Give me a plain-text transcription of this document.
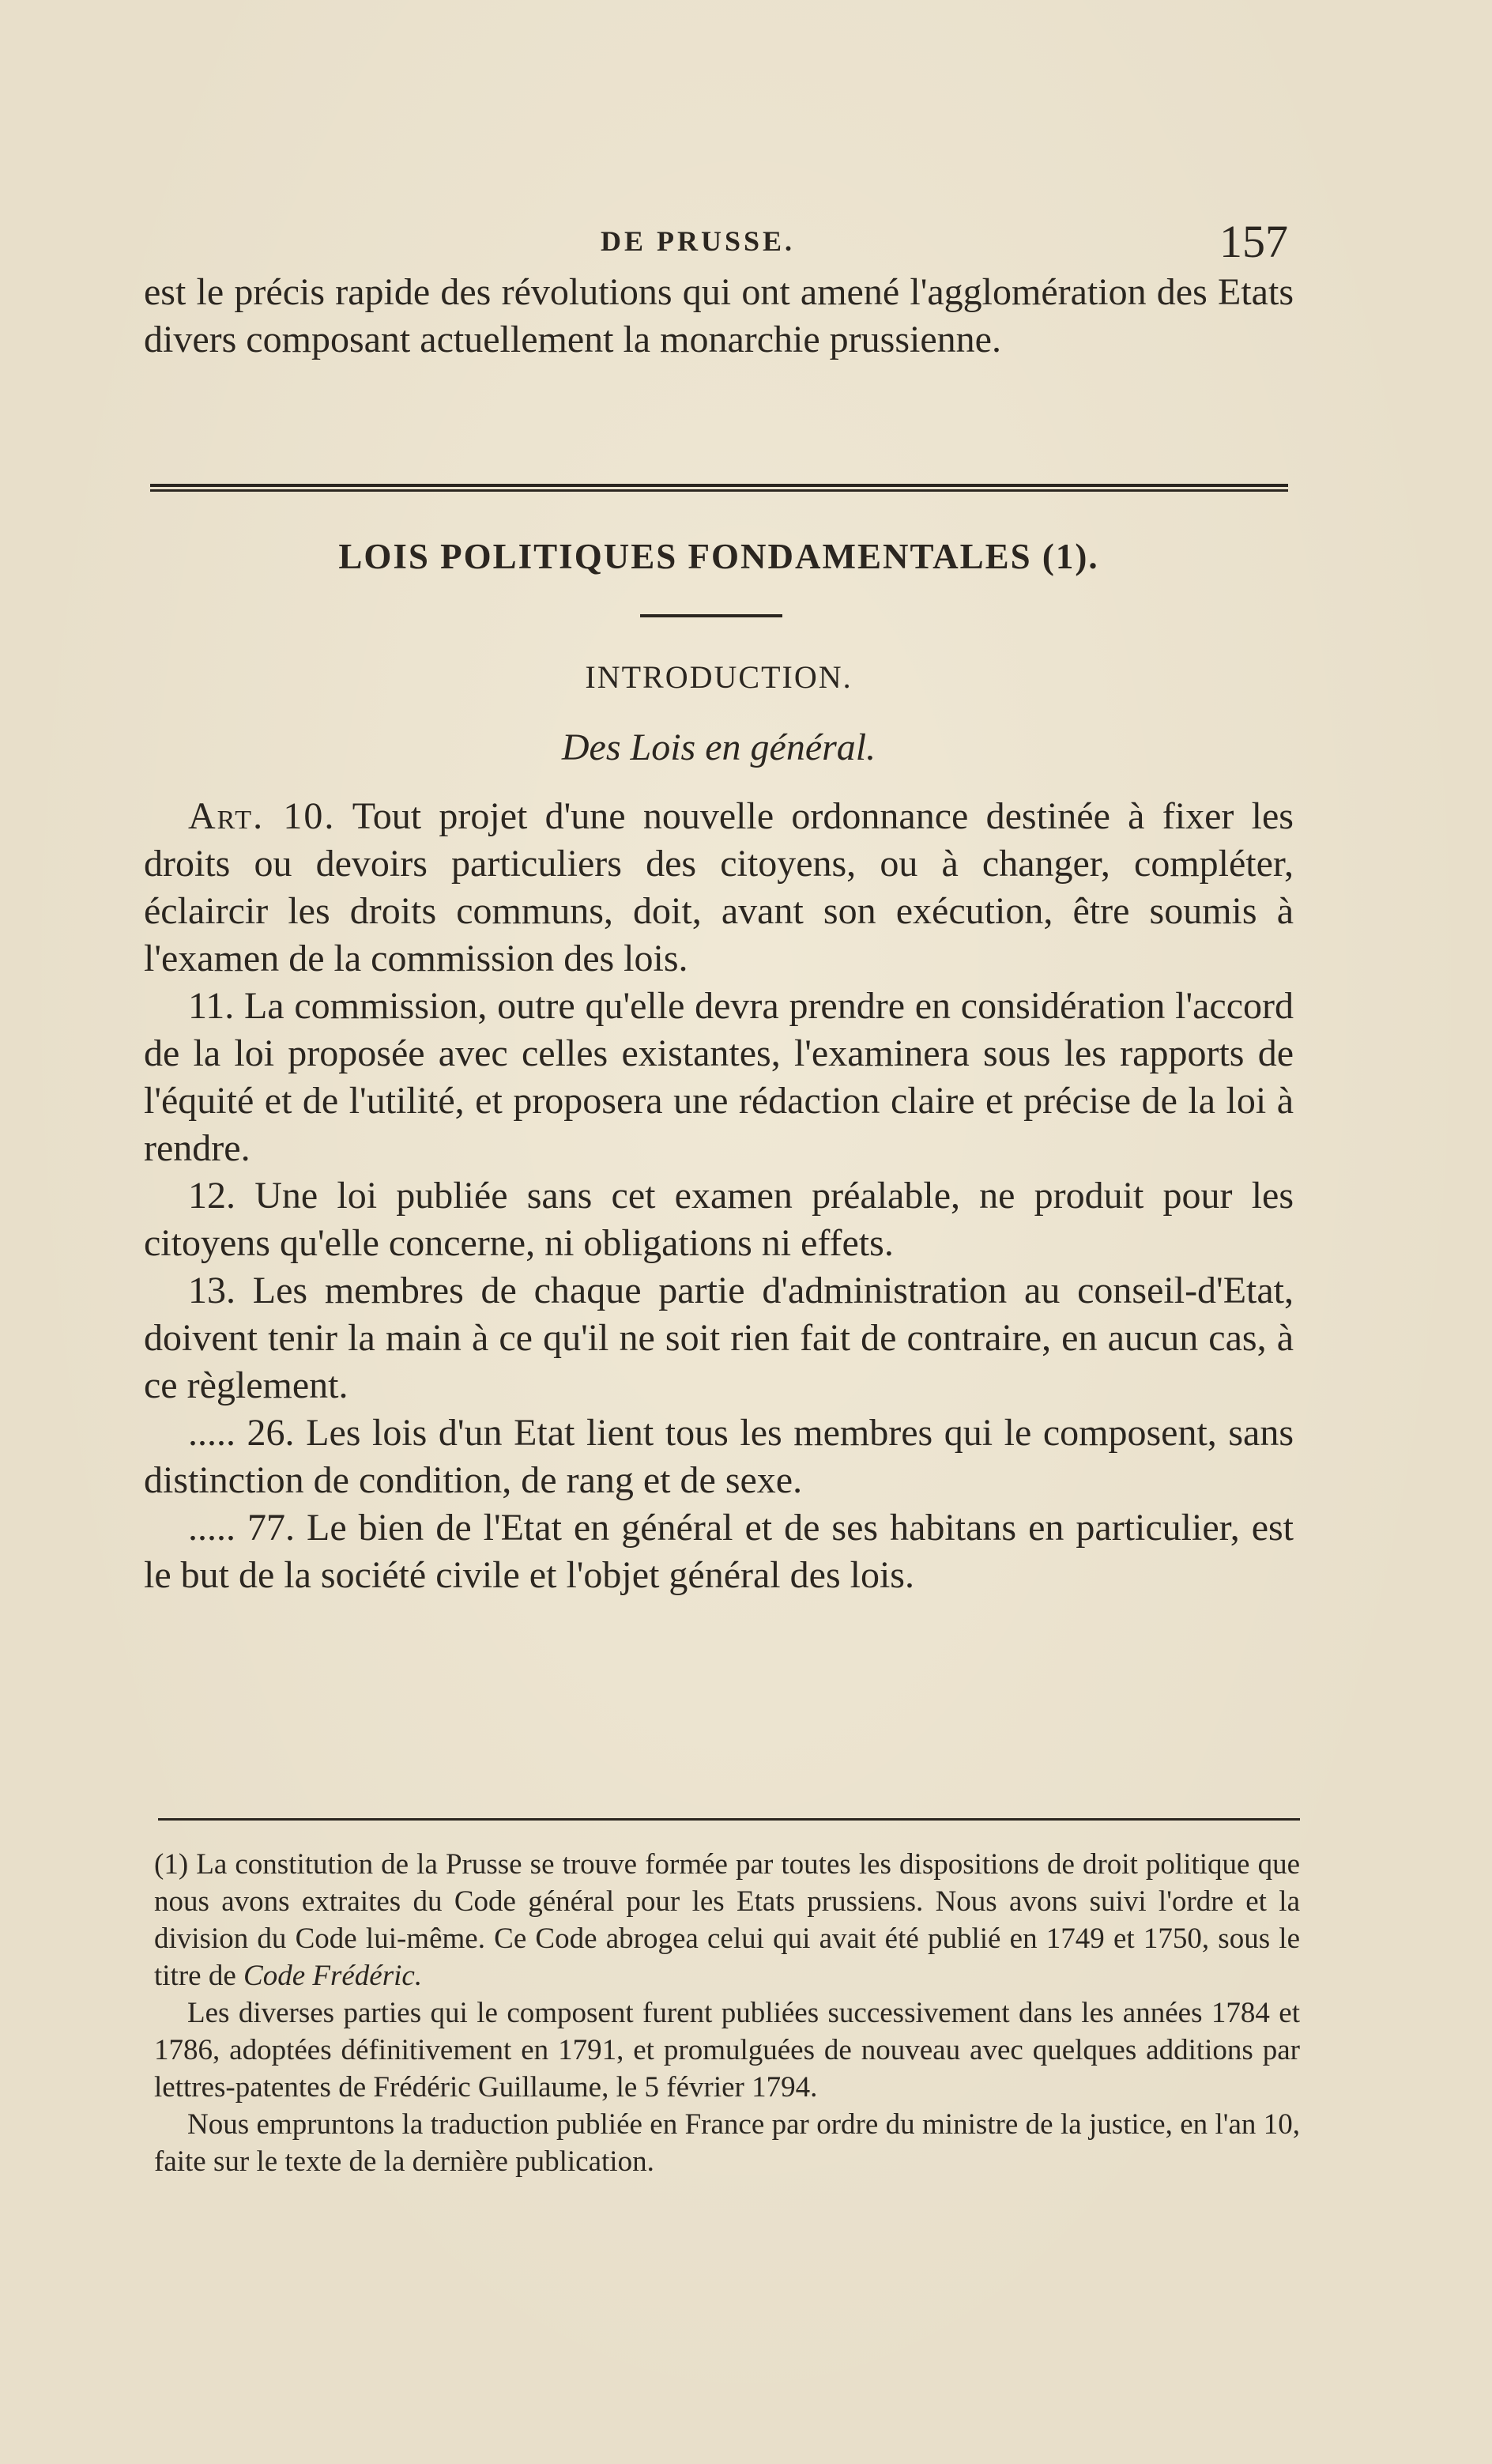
DE PRUSSE.	157

est le précis rapide des révolutions qui ont amené l'agglomération des Etats divers composant actuellement la monarchie prussienne.

LOIS POLITIQUES FONDAMENTALES (1).
INTRODUCTION.
Des Lois en général.

Art. 10. Tout projet d'une nouvelle ordonnance destinée à fixer les droits ou devoirs particuliers des citoyens, ou à changer, compléter, éclaircir les droits communs, doit, avant son exécution, être soumis à l'examen de la commission des lois.

11. La commission, outre qu'elle devra prendre en considération l'accord de la loi proposée avec celles existantes, l'examinera sous les rapports de l'équité et de l'utilité, et proposera une rédaction claire et précise de la loi à rendre.

12. Une loi publiée sans cet examen préalable, ne produit pour les citoyens qu'elle concerne, ni obligations ni effets.

13. Les membres de chaque partie d'administration au conseil-d'Etat, doivent tenir la main à ce qu'il ne soit rien fait de contraire, en aucun cas, à ce règlement.

..... 26. Les lois d'un Etat lient tous les membres qui le composent, sans distinction de condition, de rang et de sexe.

..... 77. Le bien de l'Etat en général et de ses habitans en particulier, est le but de la société civile et l'objet général des lois.

(1) La constitution de la Prusse se trouve formée par toutes les dispositions de droit politique que nous avons extraites du Code général pour les Etats prussiens. Nous avons suivi l'ordre et la division du Code lui-même. Ce Code abrogea celui qui avait été publié en 1749 et 1750, sous le titre de Code Frédéric.

Les diverses parties qui le composent furent publiées successivement dans les années 1784 et 1786, adoptées définitivement en 1791, et promulguées de nouveau avec quelques additions par lettres-patentes de Frédéric Guillaume, le 5 février 1794.

Nous empruntons la traduction publiée en France par ordre du ministre de la justice, en l'an 10, faite sur le texte de la dernière publication.
